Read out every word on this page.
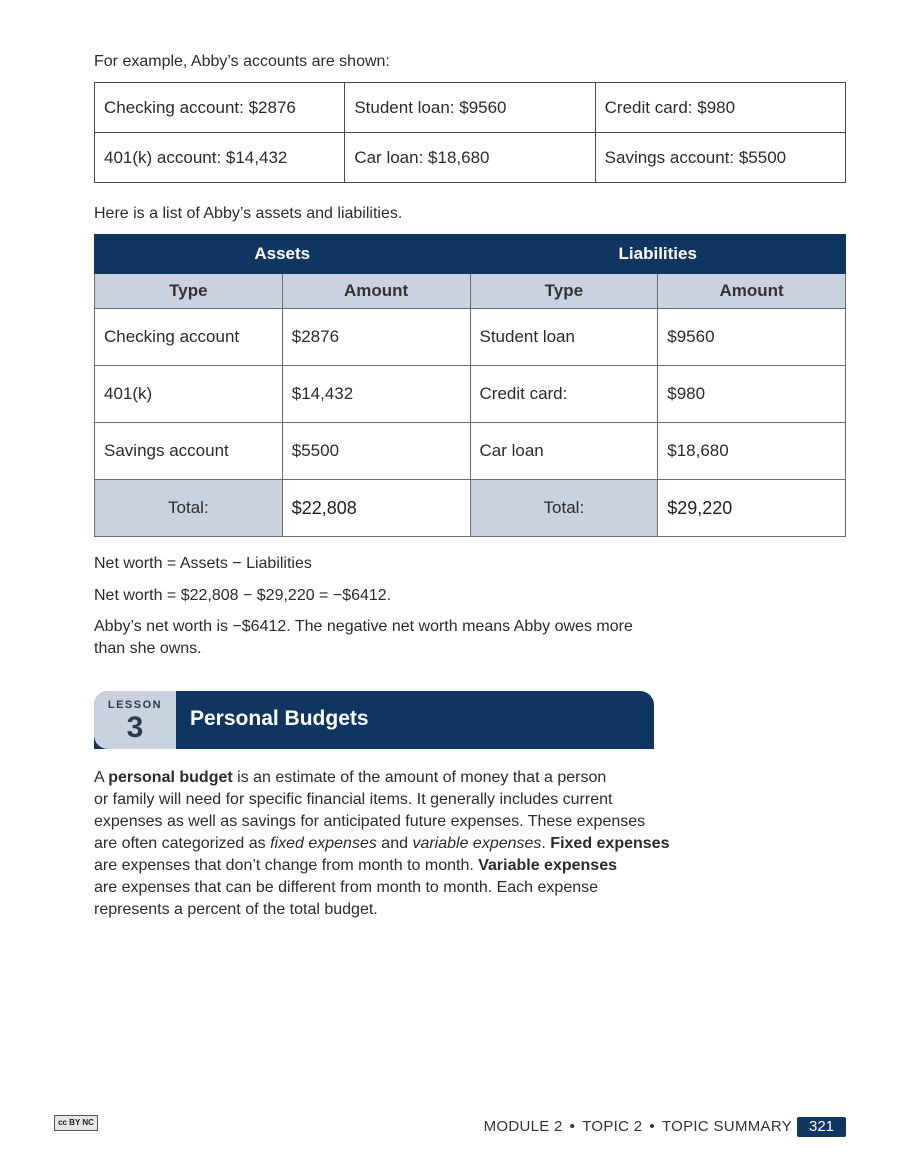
For example, Abby’s accounts are shown:

Checking account: $2876	Student loan: $9560	Credit card: $980
401(k) account: $14,432	Car loan: $18,680	Savings account: $5500

Here is a list of Abby’s assets and liabilities.

Assets		Liabilities	
Type	Amount	Type	Amount
Checking account	$2876	Student loan	$9560
401(k)	$14,432	Credit card:	$980
Savings account	$5500	Car loan	$18,680
Total:	$22,808	Total:	$29,220

Net worth = Assets − Liabilities

Net worth = $22,808 − $29,220 = −$6412.

Abby’s net worth is −$6412. The negative net worth means Abby owes more
than she owns.

LESSON
3	Personal Budgets

A personal budget is an estimate of the amount of money that a person
or family will need for specific financial items. It generally includes current
expenses as well as savings for anticipated future expenses. These expenses
are often categorized as fixed expenses and variable expenses. Fixed expenses
are expenses that don’t change from month to month. Variable expenses
are expenses that can be different from month to month. Each expense
represents a percent of the total budget.

cc BY NC	MODULE 2 • TOPIC 2 • TOPIC SUMMARY	321
